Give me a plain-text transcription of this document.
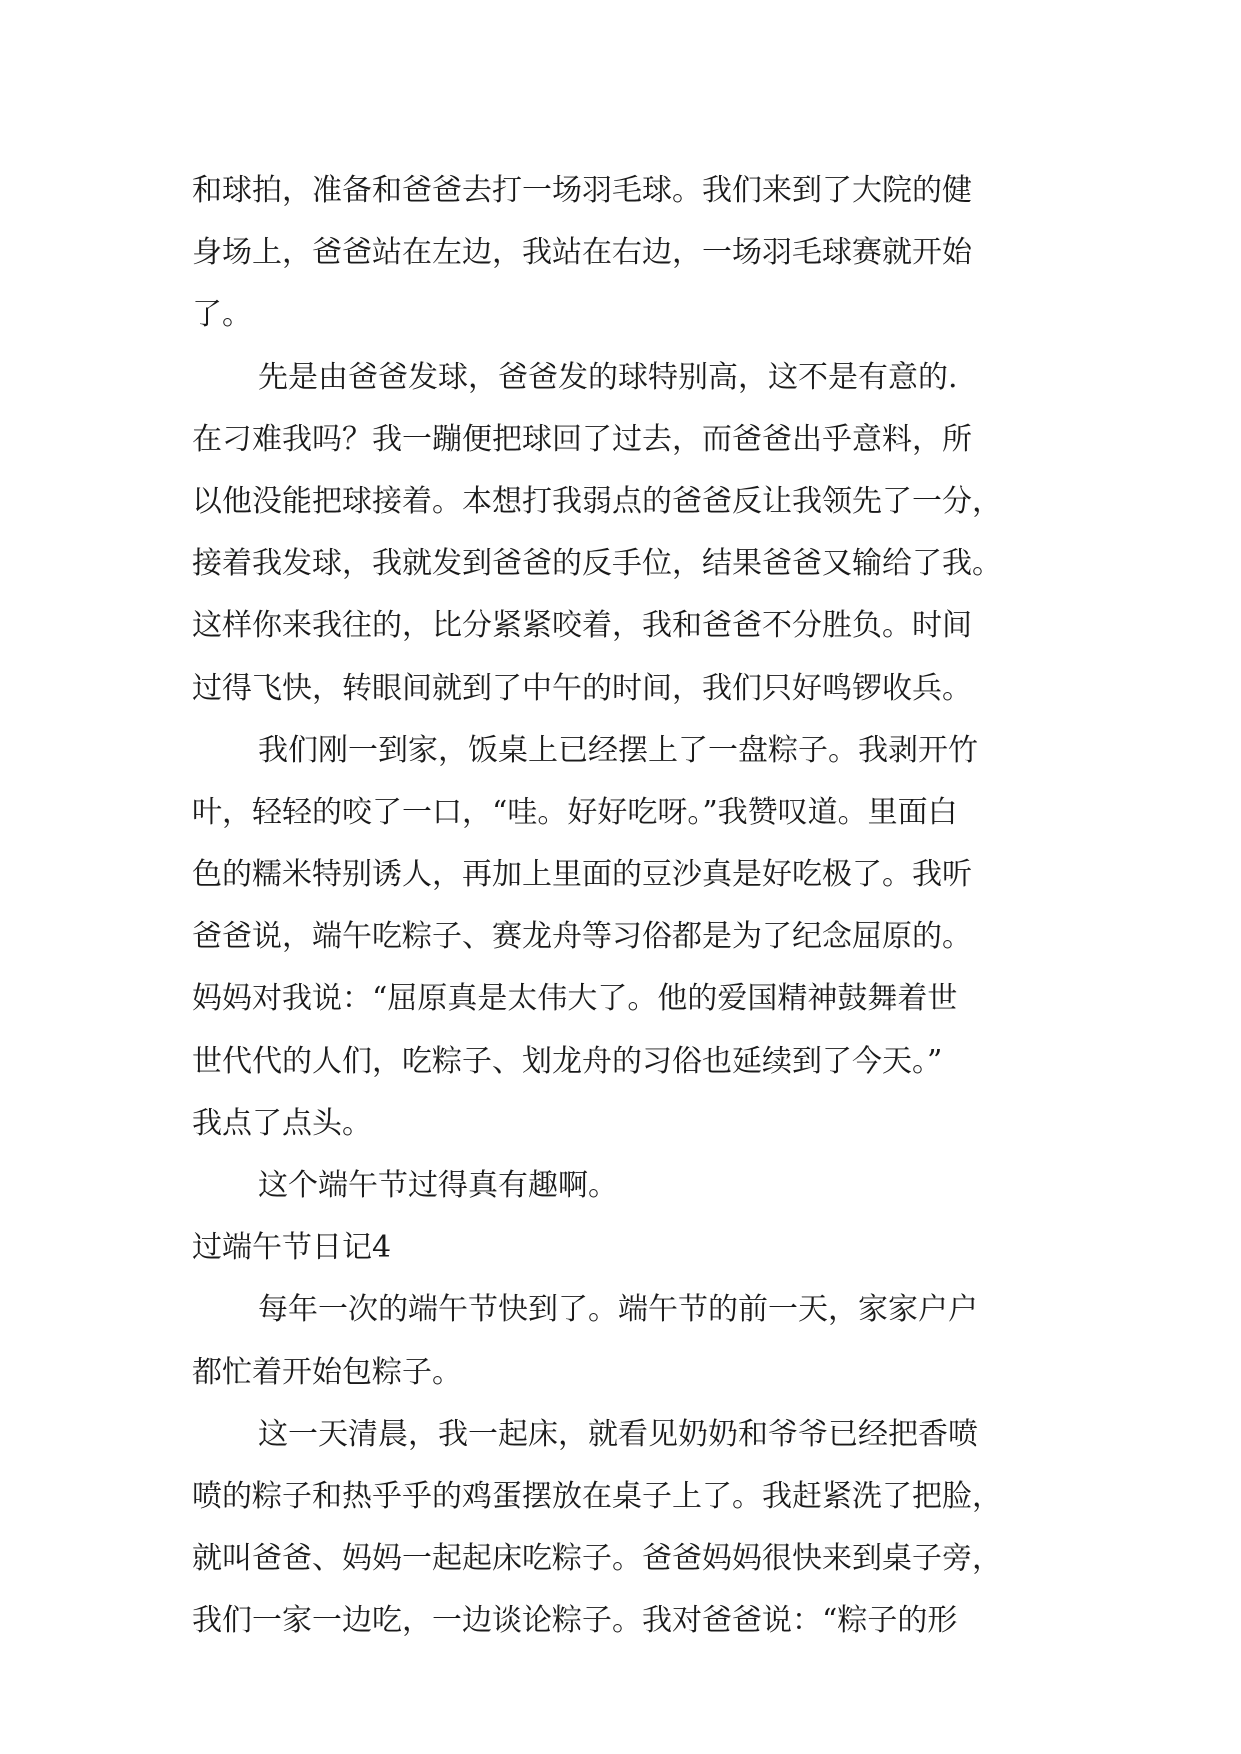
和球拍，准备和爸爸去打一场羽毛球。我们来到了大院的健
身场上，爸爸站在左边，我站在右边，一场羽毛球赛就开始
了。
先是由爸爸发球，爸爸发的球特别高，这不是有意的.
在刁难我吗？我一蹦便把球回了过去，而爸爸出乎意料，所
以他没能把球接着。本想打我弱点的爸爸反让我领先了一分，
接着我发球，我就发到爸爸的反手位，结果爸爸又输给了我。
这样你来我往的，比分紧紧咬着，我和爸爸不分胜负。时间
过得飞快，转眼间就到了中午的时间，我们只好鸣锣收兵。
我们刚一到家，饭桌上已经摆上了一盘粽子。我剥开竹
叶，轻轻的咬了一口，“哇。好好吃呀。”我赞叹道。里面白
色的糯米特别诱人，再加上里面的豆沙真是好吃极了。我听
爸爸说，端午吃粽子、赛龙舟等习俗都是为了纪念屈原的。
妈妈对我说：“屈原真是太伟大了。他的爱国精神鼓舞着世
世代代的人们，吃粽子、划龙舟的习俗也延续到了今天。”
我点了点头。
这个端午节过得真有趣啊。
过端午节日记4
每年一次的端午节快到了。端午节的前一天，家家户户
都忙着开始包粽子。
这一天清晨，我一起床，就看见奶奶和爷爷已经把香喷
喷的粽子和热乎乎的鸡蛋摆放在桌子上了。我赶紧洗了把脸，
就叫爸爸、妈妈一起起床吃粽子。爸爸妈妈很快来到桌子旁，
我们一家一边吃，一边谈论粽子。我对爸爸说：“粽子的形
